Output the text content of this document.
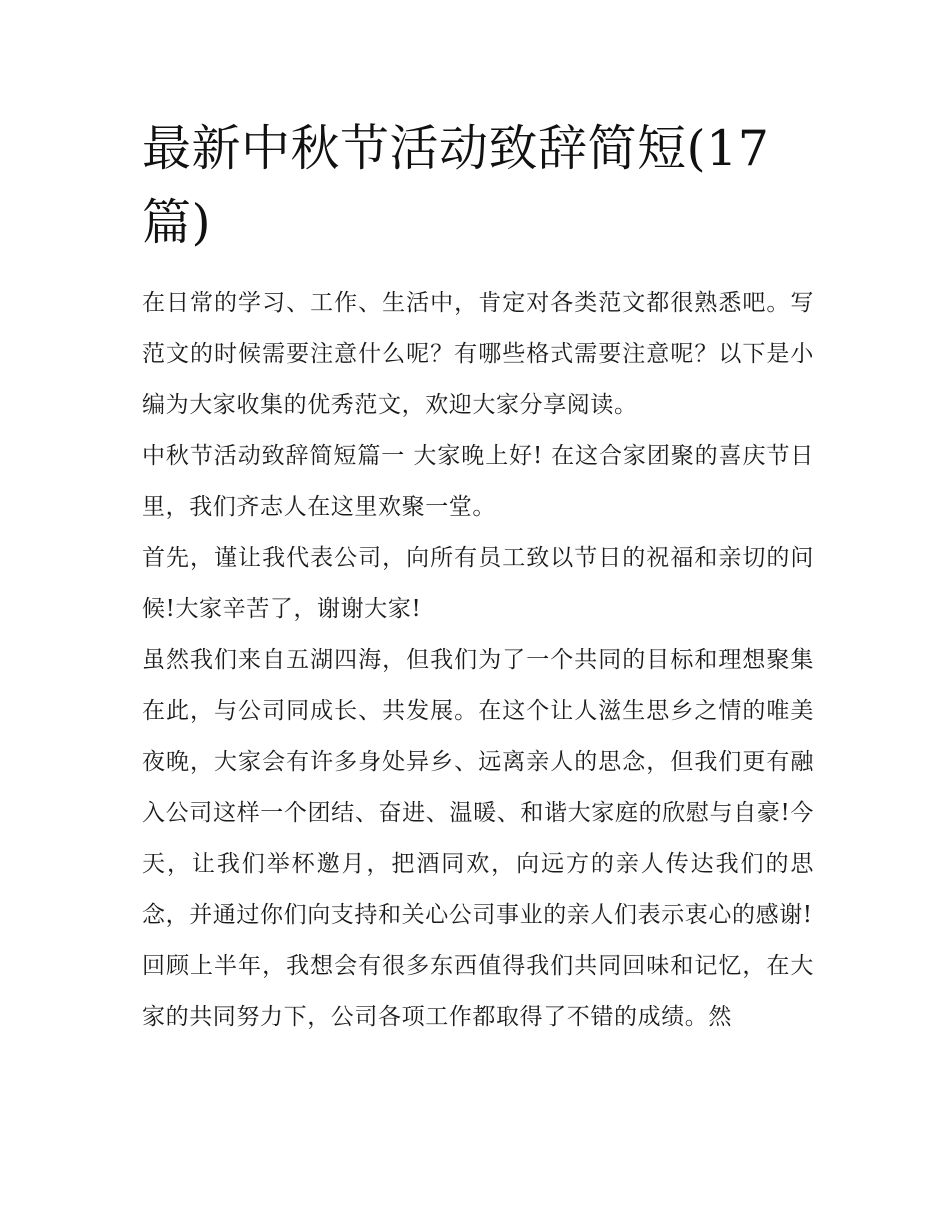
最新中秋节活动致辞简短(17篇)

在日常的学习、工作、生活中，肯定对各类范文都很熟悉吧。写范文的时候需要注意什么呢？有哪些格式需要注意呢？以下是小编为大家收集的优秀范文，欢迎大家分享阅读。

中秋节活动致辞简短篇一 大家晚上好! 在这合家团聚的喜庆节日里，我们齐志人在这里欢聚一堂。

首先，谨让我代表公司，向所有员工致以节日的祝福和亲切的问候!大家辛苦了，谢谢大家!

虽然我们来自五湖四海，但我们为了一个共同的目标和理想聚集在此，与公司同成长、共发展。在这个让人滋生思乡之情的唯美夜晚，大家会有许多身处异乡、远离亲人的思念，但我们更有融入公司这样一个团结、奋进、温暖、和谐大家庭的欣慰与自豪!今天，让我们举杯邀月，把酒同欢，向远方的亲人传达我们的思念，并通过你们向支持和关心公司事业的亲人们表示衷心的感谢!

回顾上半年，我想会有很多东西值得我们共同回味和记忆，在大家的共同努力下，公司各项工作都取得了不错的成绩。然
